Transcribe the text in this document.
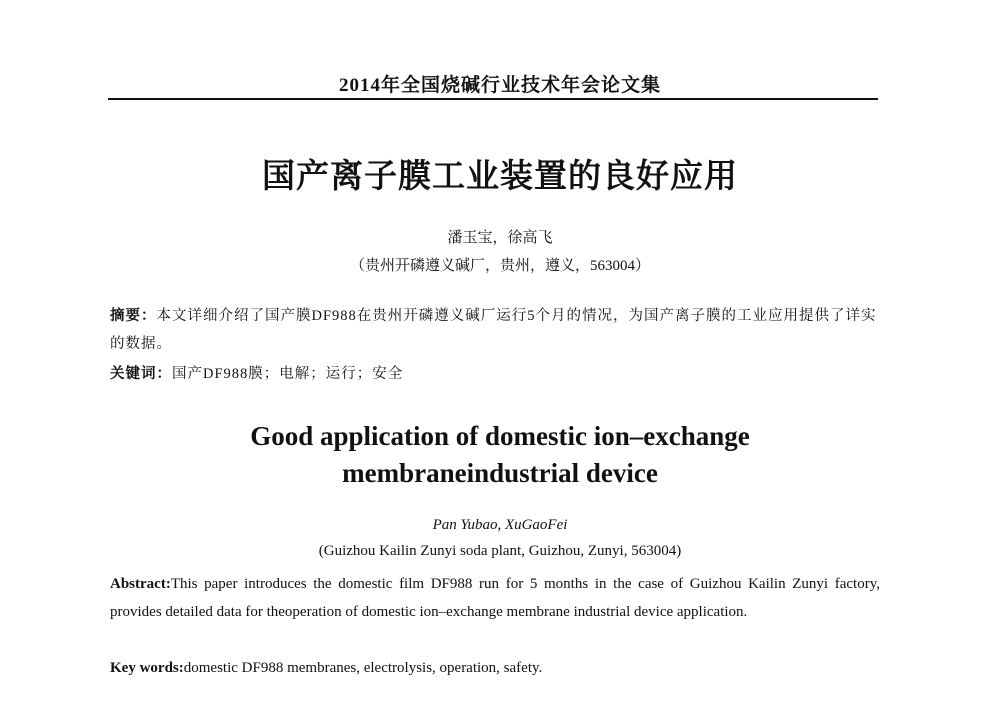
2014年全国烧碱行业技术年会论文集
国产离子膜工业装置的良好应用
潘玉宝，徐高飞
（贵州开磷遵义碱厂，贵州，遵义，563004）
摘要：本文详细介绍了国产膜DF988在贵州开磷遵义碱厂运行5个月的情况，为国产离子膜的工业应用提供了详实的数据。
关键词：国产DF988膜；电解；运行；安全
Good application of domestic ion–exchange
membraneindustrial device
Pan Yubao, XuGaoFei
(Guizhou Kailin Zunyi soda plant, Guizhou, Zunyi, 563004)
Abstract:This paper introduces the domestic film DF988 run for 5 months in the case of Guizhou Kailin Zunyi factory, provides detailed data for theoperation of domestic ion–exchange membrane industrial device application.
Key words:domestic DF988 membranes, electrolysis, operation, safety.
